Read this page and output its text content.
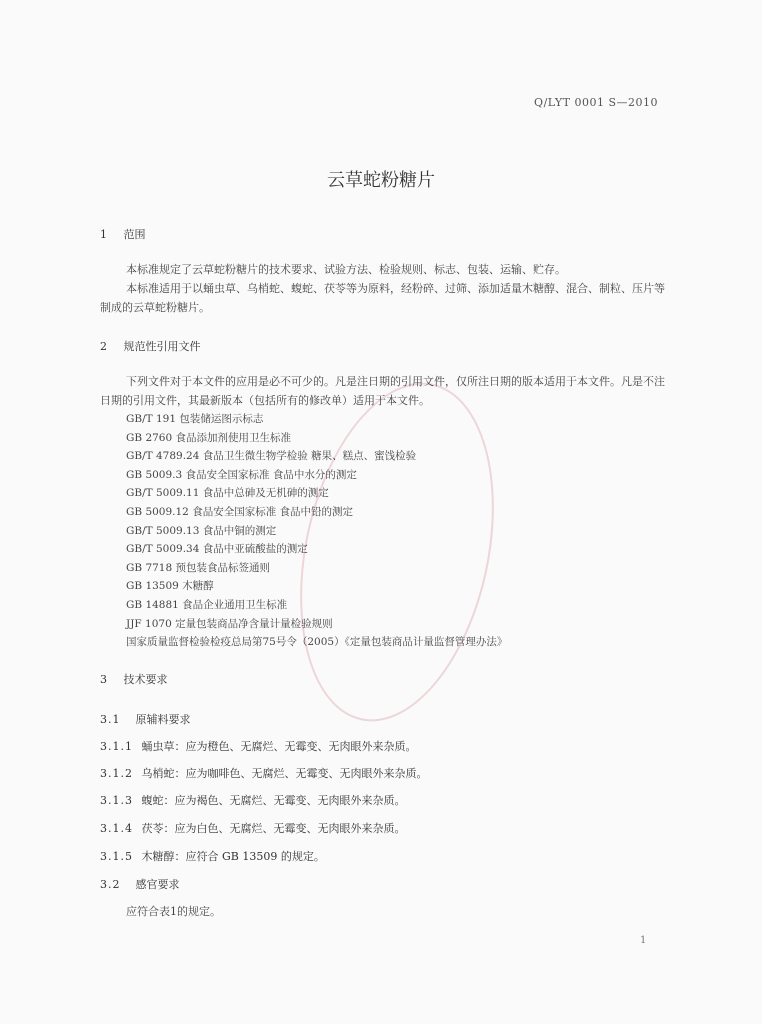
Q/LYT 0001 S—2010
云草蛇粉糖片
1 范围
本标准规定了云草蛇粉糖片的技术要求、试验方法、检验规则、标志、包装、运输、贮存。
本标准适用于以蛹虫草、乌梢蛇、蝮蛇、茯苓等为原料，经粉碎、过筛、添加适量木糖醇、混合、制粒、压片等制成的云草蛇粉糖片。
2 规范性引用文件
下列文件对于本文件的应用是必不可少的。凡是注日期的引用文件，仅所注日期的版本适用于本文件。凡是不注日期的引用文件，其最新版本（包括所有的修改单）适用于本文件。
GB/T 191 包装储运图示标志
GB 2760 食品添加剂使用卫生标准
GB/T 4789.24 食品卫生微生物学检验 糖果、糕点、蜜饯检验
GB 5009.3 食品安全国家标准 食品中水分的测定
GB/T 5009.11 食品中总砷及无机砷的测定
GB 5009.12 食品安全国家标准 食品中铅的测定
GB/T 5009.13 食品中铜的测定
GB/T 5009.34 食品中亚硫酸盐的测定
GB 7718 预包装食品标签通则
GB 13509 木糖醇
GB 14881 食品企业通用卫生标准
JJF 1070 定量包装商品净含量计量检验规则
国家质量监督检验检疫总局第75号令（2005）《定量包装商品计量监督管理办法》
3 技术要求
3.1 原辅料要求
3.1.1 蛹虫草：应为橙色、无腐烂、无霉变、无肉眼外来杂质。
3.1.2 乌梢蛇：应为咖啡色、无腐烂、无霉变、无肉眼外来杂质。
3.1.3 蝮蛇：应为褐色、无腐烂、无霉变、无肉眼外来杂质。
3.1.4 茯苓：应为白色、无腐烂、无霉变、无肉眼外来杂质。
3.1.5 木糖醇：应符合 GB 13509 的规定。
3.2 感官要求
应符合表1的规定。
1
